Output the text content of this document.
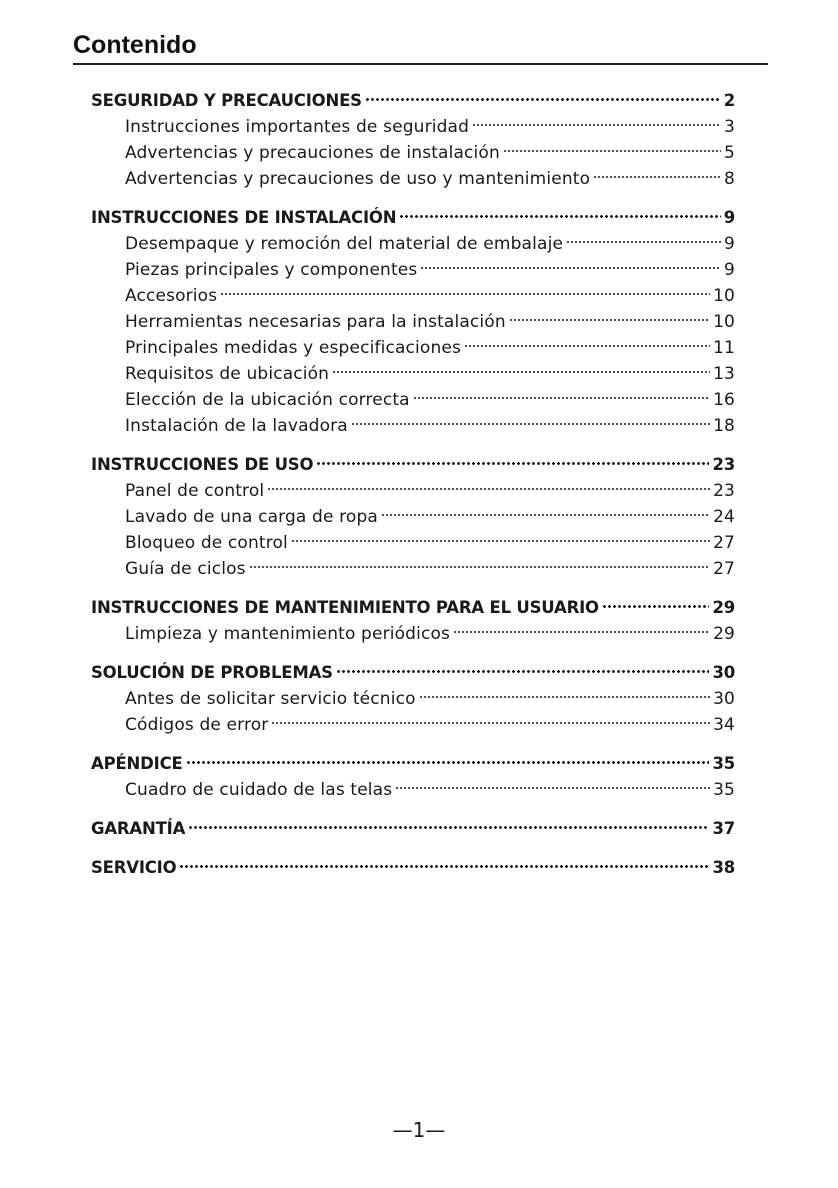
Contenido
SEGURIDAD Y PRECAUCIONES	2
Instrucciones importantes de seguridad	3
Advertencias y precauciones de instalación	5
Advertencias y precauciones de uso y mantenimiento	8
INSTRUCCIONES DE INSTALACIÓN	9
Desempaque y remoción del material de embalaje	9
Piezas principales y componentes	9
Accesorios	10
Herramientas necesarias para la instalación	10
Principales medidas y especificaciones	11
Requisitos de ubicación	13
Elección de la ubicación correcta	16
Instalación de la lavadora	18
INSTRUCCIONES DE USO	23
Panel de control	23
Lavado de una carga de ropa	24
Bloqueo de control	27
Guía de ciclos	27
INSTRUCCIONES DE MANTENIMIENTO PARA EL USUARIO	29
Limpieza y mantenimiento periódicos	29
SOLUCIÓN DE PROBLEMAS	30
Antes de solicitar servicio técnico	30
Códigos de error	34
APÉNDICE	35
Cuadro de cuidado de las telas	35
GARANTÍA	37
SERVICIO	38
—1—
